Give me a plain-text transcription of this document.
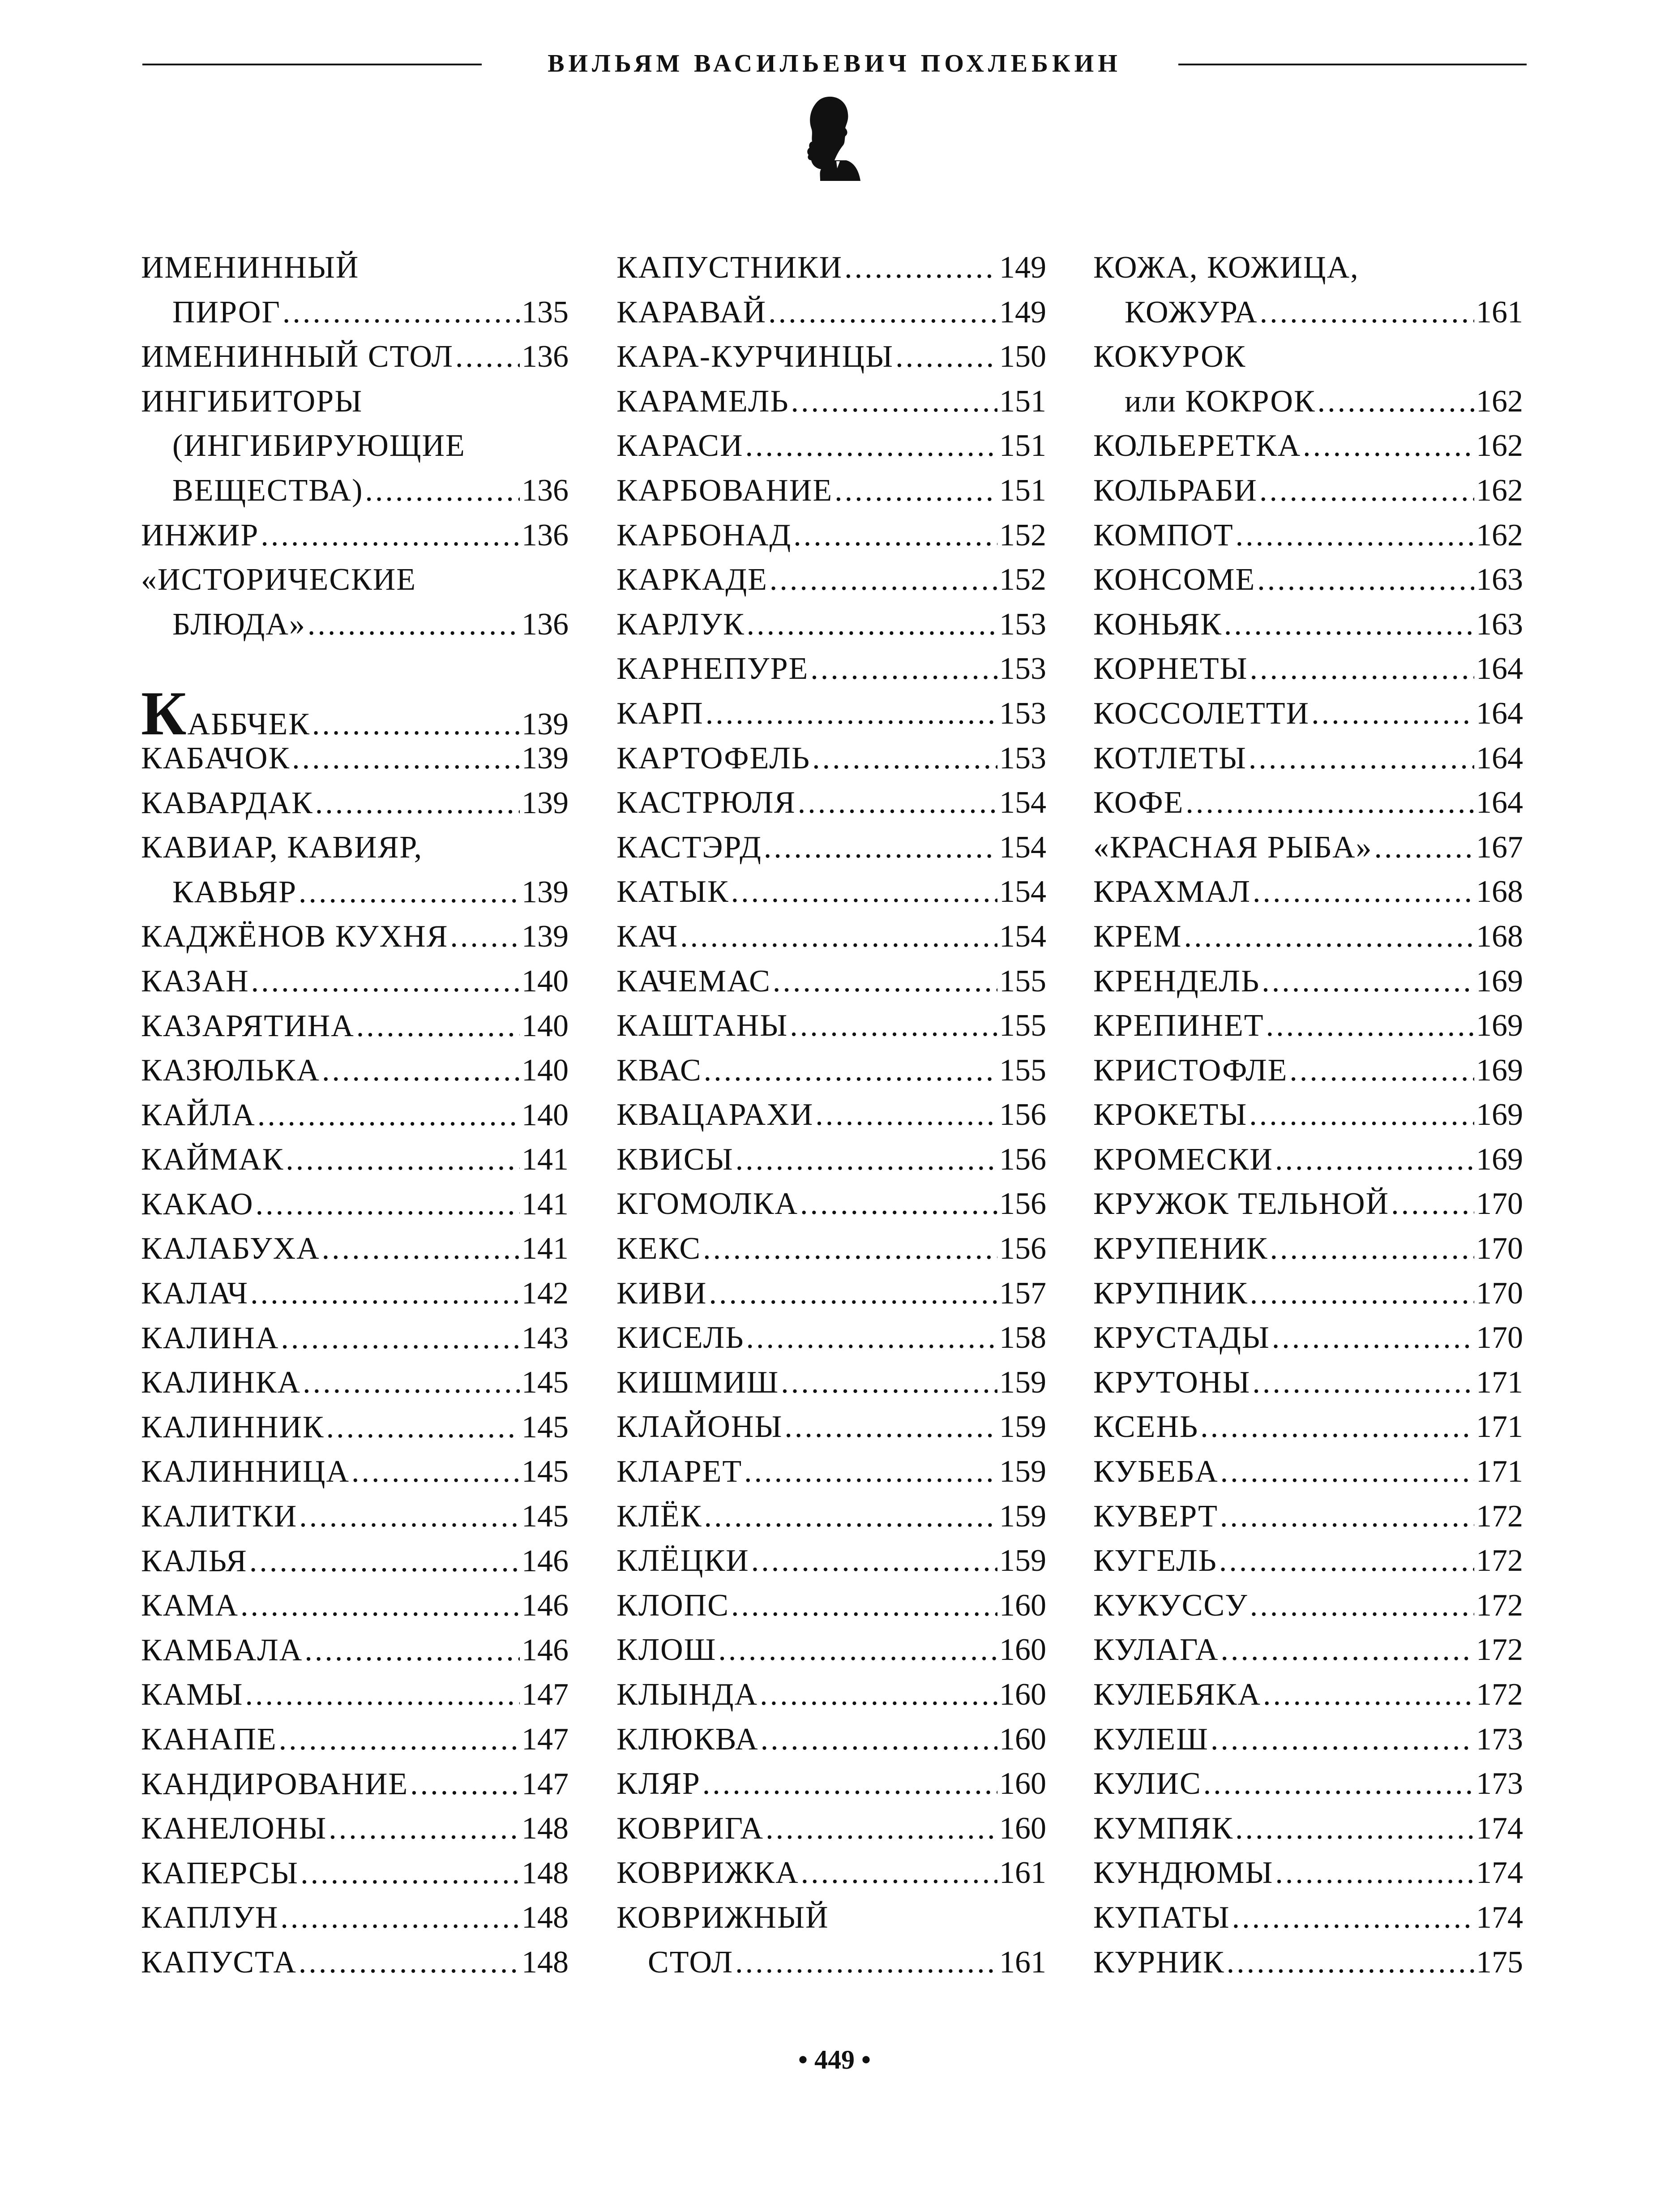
ВИЛЬЯМ ВАСИЛЬЕВИЧ ПОХЛЕБКИН
ИМЕНИННЫЙ
ПИРОГ .....	135
ИМЕНИННЫЙ СТОЛ ..... 136
ИНГИБИТОРЫ
(ИНГИБИРУЮЩИЕ
ВЕЩЕСТВА) .....	136
ИНЖИР .....	136
«ИСТОРИЧЕСКИЕ
БЛЮДА» .....	136
КАББЧЕК .....	139
КАБАЧОК .....	139
КАВАРДАК .....	139
КАВИАР, КАВИЯР,
КАВЬЯР .....	139
КАДЖЁНОВ КУХНЯ ..... 139
КАЗАН .....	140
КАЗАРЯТИНА .....	140
КАЗЮЛЬКА .....	140
КАЙЛА .....	140
КАЙМАК .....	141
КАКАО .....	141
КАЛАБУХА .....	141
КАЛАЧ .....	142
КАЛИНА .....	143
КАЛИНКА .....	145
КАЛИННИК .....	145
КАЛИННИЦА .....	145
КАЛИТКИ .....	145
КАЛЬЯ .....	146
КАМА .....	146
КАМБАЛА .....	146
КАМЫ .....	147
КАНАПЕ .....	147
КАНДИРОВАНИЕ .....	147
КАНЕЛОНЫ .....	148
КАПЕРСЫ .....	148
КАПЛУН .....	148
КАПУСТА .....	148
КАПУСТНИКИ .....	149
КАРАВАЙ .....	149
КАРА-КУРЧИНЦЫ .....	150
КАРАМЕЛЬ .....	151
КАРАСИ .....	151
КАРБОВАНИЕ .....	151
КАРБОНАД .....	152
КАРКАДЕ .....	152
КАРЛУК .....	153
КАРНЕПУРЕ .....	153
КАРП .....	153
КАРТОФЕЛЬ .....	153
КАСТРЮЛЯ .....	154
КАСТЭРД .....	154
КАТЫК .....	154
КАЧ .....	154
КАЧЕМАС .....	155
КАШТАНЫ .....	155
КВАС .....	155
КВАЦАРАХИ .....	156
КВИСЫ .....	156
КГОМОЛКА .....	156
КЕКС .....	156
КИВИ .....	157
КИСЕЛЬ .....	158
КИШМИШ .....	159
КЛАЙОНЫ .....	159
КЛАРЕТ .....	159
КЛЁК .....	159
КЛЁЦКИ .....	159
КЛОПС .....	160
КЛОШ .....	160
КЛЫНДА .....	160
КЛЮКВА .....	160
КЛЯР .....	160
КОВРИГА .....	160
КОВРИЖКА .....	161
КОВРИЖНЫЙ
СТОЛ .....	161
КОЖА, КОЖИЦА,
КОЖУРА .....	161
КОКУРОК
или КОКРОК .....	162
КОЛЬЕРЕТКА .....	162
КОЛЬРАБИ .....	162
КОМПОТ .....	162
КОНСОМЕ .....	163
КОНЬЯК .....	163
КОРНЕТЫ .....	164
КОССОЛЕТТИ .....	164
КОТЛЕТЫ .....	164
КОФЕ .....	164
«КРАСНАЯ РЫБА» .....	167
КРАХМАЛ .....	168
КРЕМ .....	168
КРЕНДЕЛЬ .....	169
КРЕПИНЕТ .....	169
КРИСТОФЛЕ .....	169
КРОКЕТЫ .....	169
КРОМЕСКИ .....	169
КРУЖОК ТЕЛЬНОЙ .....	170
КРУПЕНИК .....	170
КРУПНИК .....	170
КРУСТАДЫ .....	170
КРУТОНЫ .....	171
КСЕНЬ .....	171
КУБЕБА .....	171
КУВЕРТ .....	172
КУГЕЛЬ .....	172
КУКУССУ .....	172
КУЛАГА .....	172
КУЛЕБЯКА .....	172
КУЛЕШ .....	173
КУЛИС .....	173
КУМПЯК .....	174
КУНДЮМЫ .....	174
КУПАТЫ .....	174
КУРНИК .....	175
• 449 •
